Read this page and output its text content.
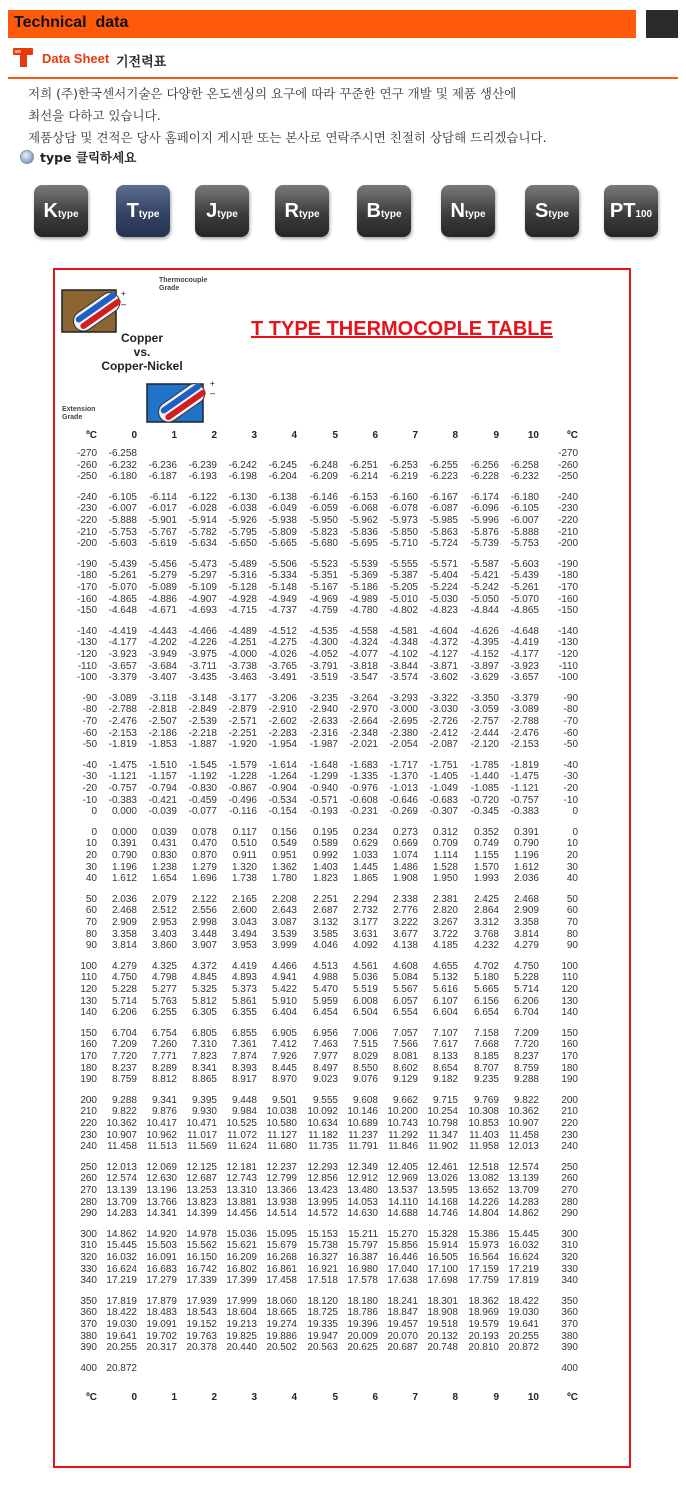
Technical  data
Data Sheet 기전력표
저희 (주)한국센서기술은 다양한 온도센싱의 요구에 따라 꾸준한 연구 개발 및 제품 생산에
최선을 다하고 있습니다.
제품상담 및 견적은 당사 홈페이지 게시판 또는 본사로 연락주시면 친절히 상담해 드리겠습니다.
type 클릭하세요
Ktype	Ttype	Jtype	Rtype	Btype	Ntype	Stype	PT100
Thermocouple Grade
+
–
Copper
vs.
Copper-Nickel
+
–
Extension Grade
T TYPE THERMOCOPLE TABLE
ºC	0	1	2	3	4	5	6	7	8	9	10	ºC
-270	-6.258	-270
-260	-6.232	-6.236	-6.239	-6.242	-6.245	-6.248	-6.251	-6.253	-6.255	-6.256	-6.258	-260
-250	-6.180	-6.187	-6.193	-6.198	-6.204	-6.209	-6.214	-6.219	-6.223	-6.228	-6.232	-250
-240	-6.105	-6.114	-6.122	-6.130	-6.138	-6.146	-6.153	-6.160	-6.167	-6.174	-6.180	-240
-230	-6.007	-6.017	-6.028	-6.038	-6.049	-6.059	-6.068	-6.078	-6.087	-6.096	-6.105	-230
-220	-5.888	-5.901	-5.914	-5.926	-5.938	-5.950	-5.962	-5.973	-5.985	-5.996	-6.007	-220
-210	-5.753	-5.767	-5.782	-5.795	-5.809	-5.823	-5.836	-5.850	-5.863	-5.876	-5.888	-210
-200	-5.603	-5.619	-5.634	-5.650	-5.665	-5.680	-5.695	-5.710	-5.724	-5.739	-5.753	-200
-190	-5.439	-5.456	-5.473	-5.489	-5.506	-5.523	-5.539	-5.555	-5.571	-5.587	-5.603	-190
-180	-5.261	-5.279	-5.297	-5.316	-5.334	-5.351	-5.369	-5.387	-5.404	-5.421	-5.439	-180
-170	-5.070	-5.089	-5.109	-5.128	-5.148	-5.167	-5.186	-5.205	-5.224	-5.242	-5.261	-170
-160	-4.865	-4.886	-4.907	-4.928	-4.949	-4.969	-4.989	-5.010	-5.030	-5.050	-5.070	-160
-150	-4.648	-4.671	-4.693	-4.715	-4.737	-4.759	-4.780	-4.802	-4.823	-4.844	-4.865	-150
-140	-4.419	-4.443	-4.466	-4.489	-4.512	-4.535	-4.558	-4.581	-4.604	-4.626	-4.648	-140
-130	-4.177	-4.202	-4.226	-4.251	-4.275	-4.300	-4.324	-4.348	-4.372	-4.395	-4.419	-130
-120	-3.923	-3.949	-3.975	-4.000	-4.026	-4.052	-4.077	-4.102	-4.127	-4.152	-4.177	-120
-110	-3.657	-3.684	-3.711	-3.738	-3.765	-3.791	-3.818	-3.844	-3.871	-3.897	-3.923	-110
-100	-3.379	-3.407	-3.435	-3.463	-3.491	-3.519	-3.547	-3.574	-3.602	-3.629	-3.657	-100
-90	-3.089	-3.118	-3.148	-3.177	-3.206	-3.235	-3.264	-3.293	-3.322	-3.350	-3.379	-90
-80	-2.788	-2.818	-2.849	-2.879	-2.910	-2.940	-2.970	-3.000	-3.030	-3.059	-3.089	-80
-70	-2.476	-2.507	-2.539	-2.571	-2.602	-2.633	-2.664	-2.695	-2.726	-2.757	-2.788	-70
-60	-2.153	-2.186	-2.218	-2.251	-2.283	-2.316	-2.348	-2.380	-2.412	-2.444	-2.476	-60
-50	-1.819	-1.853	-1.887	-1.920	-1.954	-1.987	-2.021	-2.054	-2.087	-2.120	-2.153	-50
-40	-1.475	-1.510	-1.545	-1.579	-1.614	-1.648	-1.683	-1.717	-1.751	-1.785	-1.819	-40
-30	-1.121	-1.157	-1.192	-1.228	-1.264	-1.299	-1.335	-1.370	-1.405	-1.440	-1.475	-30
-20	-0.757	-0.794	-0.830	-0.867	-0.904	-0.940	-0.976	-1.013	-1.049	-1.085	-1.121	-20
-10	-0.383	-0.421	-0.459	-0.496	-0.534	-0.571	-0.608	-0.646	-0.683	-0.720	-0.757	-10
0	0.000	-0.039	-0.077	-0.116	-0.154	-0.193	-0.231	-0.269	-0.307	-0.345	-0.383	0
0	0.000	0.039	0.078	0.117	0.156	0.195	0.234	0.273	0.312	0.352	0.391	0
10	0.391	0.431	0.470	0.510	0.549	0.589	0.629	0.669	0.709	0.749	0.790	10
20	0.790	0.830	0.870	0.911	0.951	0.992	1.033	1.074	1.114	1.155	1.196	20
30	1.196	1.238	1.279	1.320	1.362	1.403	1.445	1.486	1.528	1.570	1.612	30
40	1.612	1.654	1.696	1.738	1.780	1.823	1.865	1.908	1.950	1.993	2.036	40
50	2.036	2.079	2.122	2.165	2.208	2.251	2.294	2.338	2.381	2.425	2.468	50
60	2.468	2.512	2.556	2.600	2.643	2.687	2.732	2.776	2.820	2.864	2.909	60
70	2.909	2.953	2.998	3.043	3.087	3.132	3.177	3.222	3.267	3.312	3.358	70
80	3.358	3.403	3.448	3.494	3.539	3.585	3.631	3.677	3.722	3.768	3.814	80
90	3.814	3.860	3.907	3.953	3.999	4.046	4.092	4.138	4.185	4.232	4.279	90
100	4.279	4.325	4.372	4.419	4.466	4.513	4.561	4.608	4.655	4.702	4.750	100
110	4.750	4.798	4.845	4.893	4.941	4.988	5.036	5.084	5.132	5.180	5.228	110
120	5.228	5.277	5.325	5.373	5.422	5.470	5.519	5.567	5.616	5.665	5.714	120
130	5.714	5.763	5.812	5.861	5.910	5.959	6.008	6.057	6.107	6.156	6.206	130
140	6.206	6.255	6.305	6.355	6.404	6.454	6.504	6.554	6.604	6.654	6.704	140
150	6.704	6.754	6.805	6.855	6.905	6.956	7.006	7.057	7.107	7.158	7.209	150
160	7.209	7.260	7.310	7.361	7.412	7.463	7.515	7.566	7.617	7.668	7.720	160
170	7.720	7.771	7.823	7.874	7.926	7.977	8.029	8.081	8.133	8.185	8.237	170
180	8.237	8.289	8.341	8.393	8.445	8.497	8.550	8.602	8.654	8.707	8.759	180
190	8.759	8.812	8.865	8.917	8.970	9.023	9.076	9.129	9.182	9.235	9.288	190
200	9.288	9.341	9.395	9.448	9.501	9.555	9.608	9.662	9.715	9.769	9.822	200
210	9.822	9.876	9.930	9.984 10.038	10.092 10.146 10.200 10.254	10.308 10.362	210
220 10.362 10.417 10.471 10.525 10.580	10.634 10.689 10.743 10.798	10.853 10.907	220
230 10.907 10.962	11.017	11.072	11.127	11.182	11.237	11.292	11.347	11.403	11.458	230
240	11.458	11.513	11.569	11.624	11.680	11.735	11.791	11.846	11.902	11.958 12.013	240
250 12.013 12.069 12.125 12.181 12.237	12.293 12.349 12.405 12.461	12.518 12.574	250
260 12.574 12.630 12.687 12.743 12.799	12.856 12.912 12.969 13.026	13.082 13.139	260
270 13.139 13.196 13.253 13.310 13.366	13.423 13.480 13.537 13.595	13.652 13.709	270
280 13.709 13.766 13.823 13.881 13.938	13.995 14.053	14.110 14.168	14.226 14.283	280
290 14.283 14.341 14.399 14.456 14.514	14.572 14.630 14.688 14.746	14.804 14.862	290
300 14.862 14.920 14.978 15.036 15.095	15.153	15.211 15.270 15.328	15.386 15.445	300
310 15.445 15.503 15.562 15.621 15.679	15.738 15.797 15.856 15.914	15.973 16.032	310
320 16.032 16.091 16.150 16.209 16.268	16.327 16.387 16.446 16.505	16.564 16.624	320
330 16.624 16.683 16.742 16.802 16.861	16.921 16.980 17.040 17.100	17.159 17.219	330
340 17.219 17.279 17.339 17.399 17.458	17.518 17.578 17.638 17.698	17.759 17.819	340
350 17.819 17.879 17.939 17.999 18.060	18.120 18.180 18.241 18.301	18.362 18.422	350
360 18.422 18.483 18.543 18.604 18.665	18.725 18.786 18.847 18.908	18.969 19.030	360
370 19.030 19.091 19.152 19.213 19.274	19.335 19.396 19.457 19.518	19.579 19.641	370
380 19.641 19.702 19.763 19.825 19.886	19.947 20.009 20.070 20.132	20.193 20.255	380
390 20.255 20.317 20.378 20.440 20.502	20.563 20.625 20.687 20.748	20.810 20.872	390
400 20.872	400
ºC	0	1	2	3	4	5	6	7	8	9	10	ºC
